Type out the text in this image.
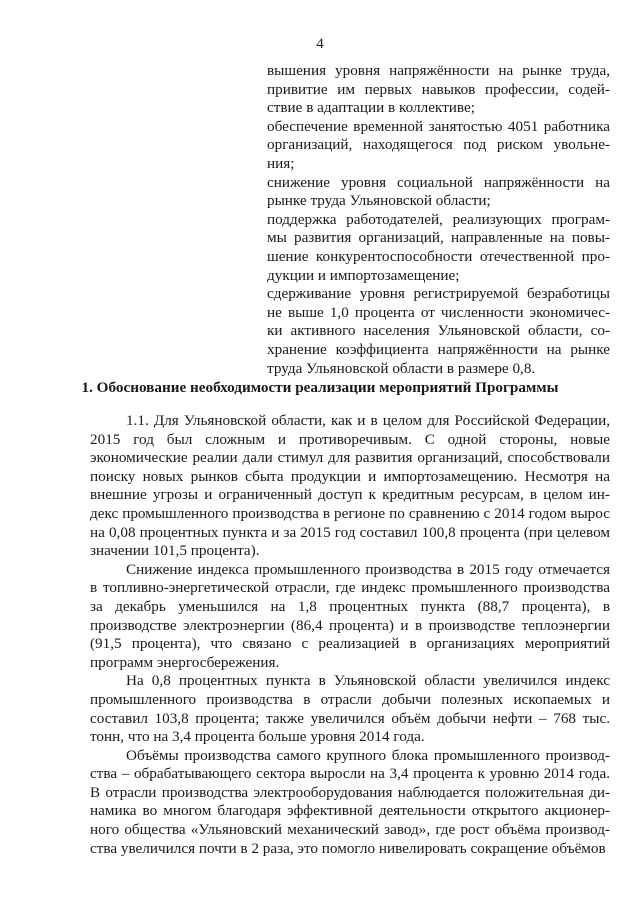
4

вышения уровня напряжённости на рынке труда, привитие им первых навыков профессии, содей-ствие в адаптации в коллективе;

обеспечение временной занятостью 4051 работника организаций, находящегося под риском увольне-ния;

снижение уровня социальной напряжённости на рынке труда Ульяновской области;

поддержка работодателей, реализующих програм-мы развития организаций, направленные на повы-шение конкурентоспособности отечественной про-дукции и импортозамещение;

сдерживание уровня регистрируемой безработицы не выше 1,0 процента от численности экономичес-ки активного населения Ульяновской области, со-хранение коэффициента напряжённости на рынке труда Ульяновской области в размере 0,8.

1. Обоснование необходимости реализации мероприятий Программы

1.1. Для Ульяновской области, как и в целом для Российской Федерации, 2015 год был сложным и противоречивым. С одной стороны, новые экономические реалии дали стимул для развития организаций, способствовали поиску новых рынков сбыта продукции и импортозамещению. Несмотря на внешние угрозы и ограниченный доступ к кредитным ресурсам, в целом ин-декс промышленного производства в регионе по сравнению с 2014 годом вырос на 0,08 процентных пункта и за 2015 год составил 100,8 процента (при целевом значении 101,5 процента).

Снижение индекса промышленного производства в 2015 году отмечается в топливно-энергетической отрасли, где индекс промышленного производства за декабрь уменьшился на 1,8 процентных пункта (88,7 процента), в производстве электроэнергии (86,4 процента) и в производстве теплоэнергии (91,5 процента), что связано с реализацией в организациях мероприятий программ энергосбережения.

На 0,8 процентных пункта в Ульяновской области увеличился индекс промышленного производства в отрасли добычи полезных ископаемых и составил 103,8 процента; также увеличился объём добычи нефти – 768 тыс. тонн, что на 3,4 процента больше уровня 2014 года.

Объёмы производства самого крупного блока промышленного производ-ства – обрабатывающего сектора выросли на 3,4 процента к уровню 2014 года. В отрасли производства электрооборудования наблюдается положительная ди-намика во многом благодаря эффективной деятельности открытого акционер-ного общества «Ульяновский механический завод», где рост объёма производ-ства увеличился почти в 2 раза, это помогло нивелировать сокращение объёмов
